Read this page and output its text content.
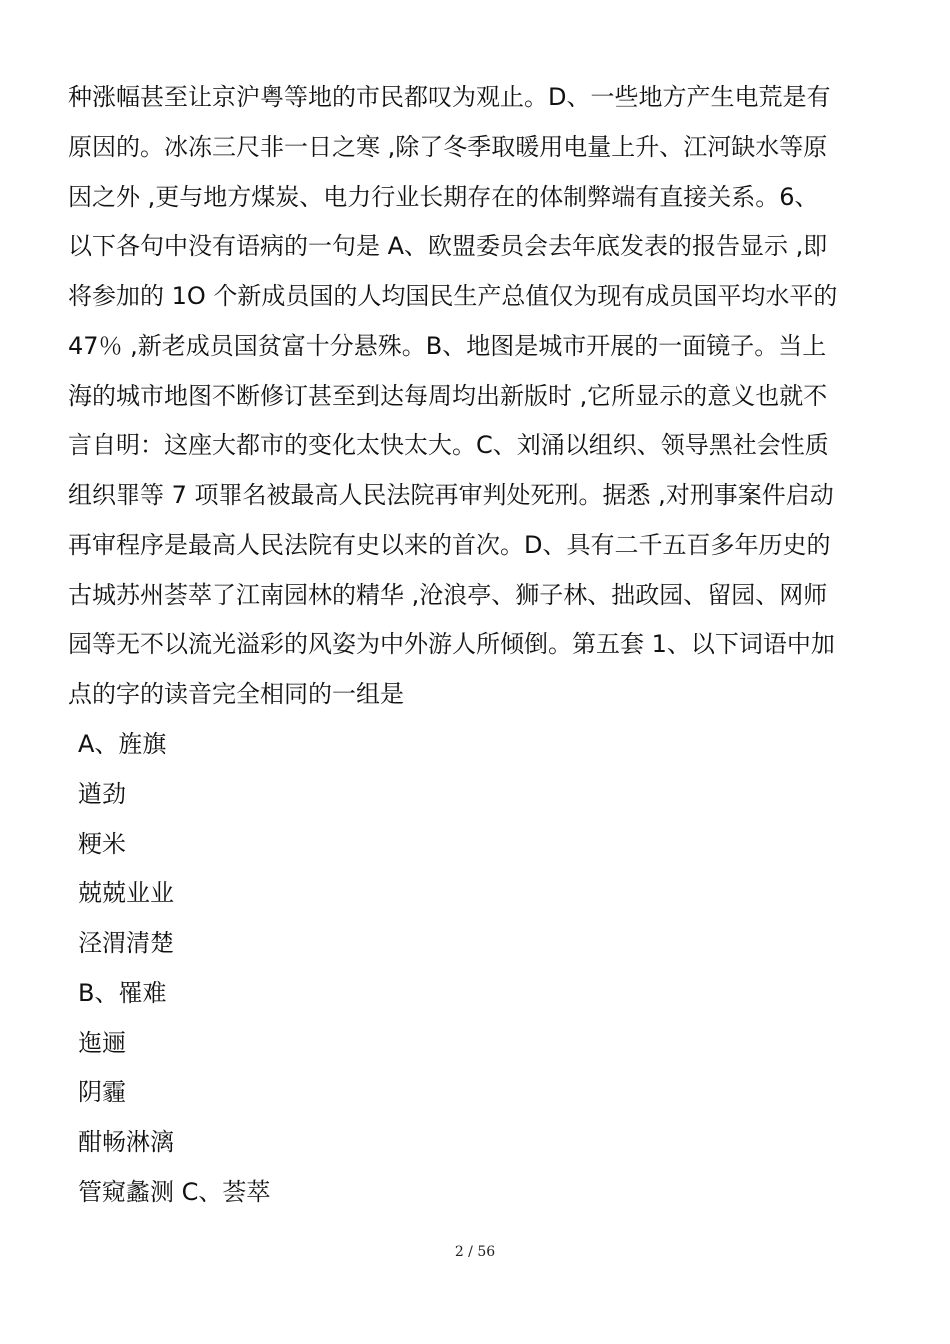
种涨幅甚至让京沪粤等地的市民都叹为观止。D、一些地方产生电荒是有
原因的。冰冻三尺非一日之寒 ,除了冬季取暖用电量上升、江河缺水等原
因之外 ,更与地方煤炭、电力行业长期存在的体制弊端有直接关系。6、
以下各句中没有语病的一句是 A、欧盟委员会去年底发表的报告显示 ,即
将参加的 1O 个新成员国的人均国民生产总值仅为现有成员国平均水平的
47％ ,新老成员国贫富十分悬殊。B、地图是城市开展的一面镜子。当上
海的城市地图不断修订甚至到达每周均出新版时 ,它所显示的意义也就不
言自明：这座大都市的变化太快太大。C、刘涌以组织、领导黑社会性质
组织罪等 7 项罪名被最高人民法院再审判处死刑。据悉 ,对刑事案件启动
再审程序是最高人民法院有史以来的首次。D、具有二千五百多年历史的
古城苏州荟萃了江南园林的精华 ,沧浪亭、狮子林、拙政园、留园、网师
园等无不以流光溢彩的风姿为中外游人所倾倒。第五套 1、以下词语中加
点的字的读音完全相同的一组是
A、旌旗
遒劲
粳米
兢兢业业
泾渭清楚
B、罹难
迤逦
阴霾
酣畅淋漓
管窥蠡测 C、荟萃
2 / 56
